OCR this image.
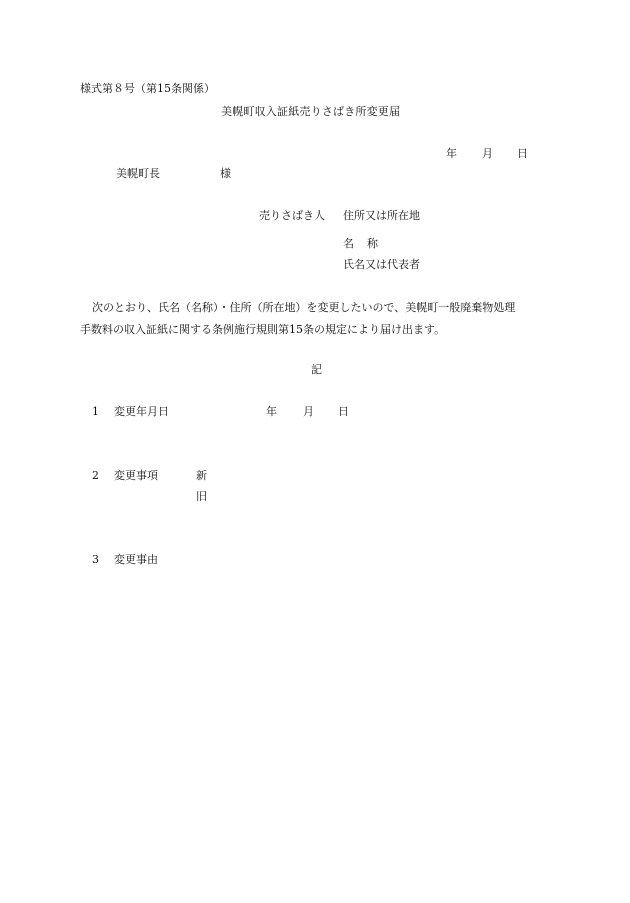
様式第８号（第15条関係）
美幌町収入証紙売りさばき所変更届
年 月 日
美幌町長	様
売りさばき人 住所又は所在地
名称
氏名又は代表者
次のとおり、氏名（名称）・住所（所在地）を変更したいので、美幌町一般廃棄物処理
手数料の収入証紙に関する条例施行規則第15条の規定により届け出ます。
記
1 変更年月日	年 月 日
2 変更事項	新
旧
3 変更事由
